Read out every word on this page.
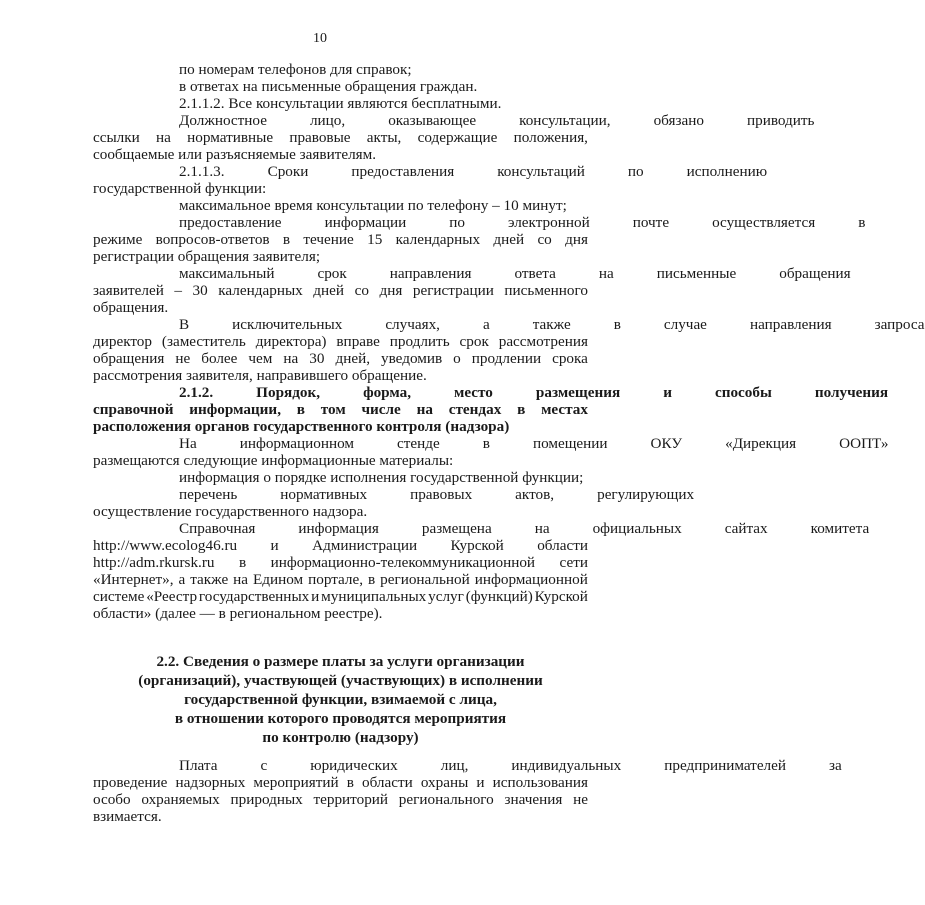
10
по номерам телефонов для справок;
в ответах на письменные обращения граждан.
2.1.1.2. Все консультации являются бесплатными.
Должностное	лицо,	оказывающее	консультации,	обязано	приводить
ссылки на нормативные правовые акты, содержащие положения,
сообщаемые или разъясняемые заявителям.
2.1.1.3.	Сроки	предоставления	консультаций	по	исполнению
государственной функции:
максимальное время консультации по телефону – 10 минут;
предоставление	информации	по	электронной	почте	осуществляется	в
режиме вопросов-ответов в течение 15 календарных дней со дня
регистрации обращения заявителя;
максимальный	срок	направления	ответа	на	письменные	обращения
заявителей – 30 календарных дней со дня регистрации письменного
обращения.
В	исключительных	случаях,	а	также	в	случае	направления	запроса
директор (заместитель директора) вправе продлить срок рассмотрения
обращения не более чем на 30 дней, уведомив о продлении срока
рассмотрения заявителя, направившего обращение.
2.1.2.	Порядок,	форма,	место	размещения	и	способы	получения
справочной информации, в том числе на стендах в местах
расположения органов государственного контроля (надзора)
На	информационном	стенде	в	помещении	ОКУ	«Дирекция	ООПТ»
размещаются следующие информационные материалы:
информация о порядке исполнения государственной функции;
перечень	нормативных	правовых	актов,	регулирующих
осуществление государственного надзора.
Справочная	информация	размещена	на	официальных	сайтах	комитета
http://www.ecolog46.ru и Администрации Курской области
http://adm.rkursk.ru в информационно-телекоммуникационной сети
«Интернет», а также на Едином портале, в региональной информационной
системе «Реестр государственных и муниципальных услуг (функций) Курской
области» (далее — в региональном реестре).
2.2. Сведения о размере платы за услуги организации
(организаций), участвующей (участвующих) в исполнении
государственной функции, взимаемой с лица,
в отношении которого проводятся мероприятия
по контролю (надзору)
Плата	с	юридических	лиц,	индивидуальных	предпринимателей	за
проведение надзорных мероприятий в области охраны и использования
особо охраняемых природных территорий регионального значения не
взимается.
